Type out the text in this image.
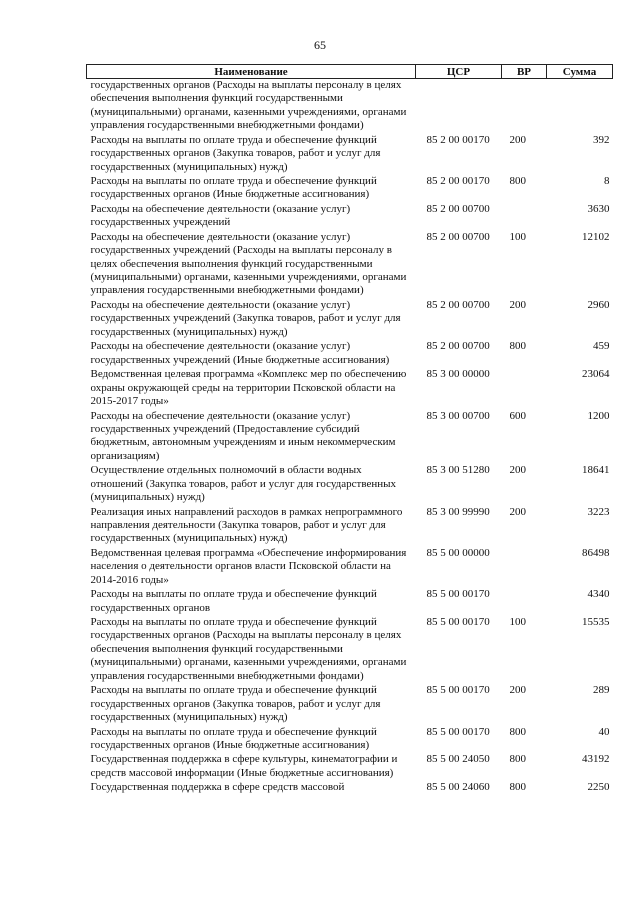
65
Наименование	ЦСР	ВР	Сумма
государственных органов (Расходы на выплаты персоналу в целях обеспечения выполнения функций государственными (муниципальными) органами, казенными учреждениями, органами управления государственными внебюджетными фондами)			
Расходы на выплаты по оплате труда и обеспечение функций государственных органов (Закупка товаров, работ и услуг для государственных (муниципальных) нужд)	85 2 00 00170	200	392
Расходы на выплаты по оплате труда и обеспечение функций государственных органов (Иные бюджетные ассигнования)	85 2 00 00170	800	8
Расходы на обеспечение деятельности (оказание услуг) государственных учреждений	85 2 00 00700		3630
Расходы на обеспечение деятельности (оказание услуг) государственных учреждений (Расходы на выплаты персоналу в целях обеспечения выполнения функций государственными (муниципальными) органами, казенными учреждениями, органами управления государственными внебюджетными фондами)	85 2 00 00700	100	12102
Расходы на обеспечение деятельности (оказание услуг) государственных учреждений (Закупка товаров, работ и услуг для государственных (муниципальных) нужд)	85 2 00 00700	200	2960
Расходы на обеспечение деятельности (оказание услуг) государственных учреждений (Иные бюджетные ассигнования)	85 2 00 00700	800	459
Ведомственная целевая программа «Комплекс мер по обеспечению охраны окружающей среды на территории Псковской области на 2015-2017 годы»	85 3 00 00000		23064
Расходы на обеспечение деятельности (оказание услуг) государственных учреждений (Предоставление субсидий бюджетным, автономным учреждениям и иным некоммерческим организациям)	85 3 00 00700	600	1200
Осуществление отдельных полномочий в области водных отношений (Закупка товаров, работ и услуг для государственных (муниципальных) нужд)	85 3 00 51280	200	18641
Реализация иных направлений расходов в рамках непрограммного направления деятельности (Закупка товаров, работ и услуг для государственных (муниципальных) нужд)	85 3 00 99990	200	3223
Ведомственная целевая программа «Обеспечение информирования населения о деятельности органов власти Псковской области на 2014-2016 годы»	85 5 00 00000		86498
Расходы на выплаты по оплате труда и обеспечение функций государственных органов	85 5 00 00170		4340
Расходы на выплаты по оплате труда и обеспечение функций государственных органов (Расходы на выплаты персоналу в целях обеспечения выполнения функций государственными (муниципальными) органами, казенными учреждениями, органами управления государственными внебюджетными фондами)	85 5 00 00170	100	15535
Расходы на выплаты по оплате труда и обеспечение функций государственных органов (Закупка товаров, работ и услуг для государственных (муниципальных) нужд)	85 5 00 00170	200	289
Расходы на выплаты по оплате труда и обеспечение функций государственных органов (Иные бюджетные ассигнования)	85 5 00 00170	800	40
Государственная поддержка в сфере культуры, кинематографии и средств массовой информации (Иные бюджетные ассигнования)	85 5 00 24050	800	43192
Государственная поддержка в сфере средств массовой	85 5 00 24060	800	2250
